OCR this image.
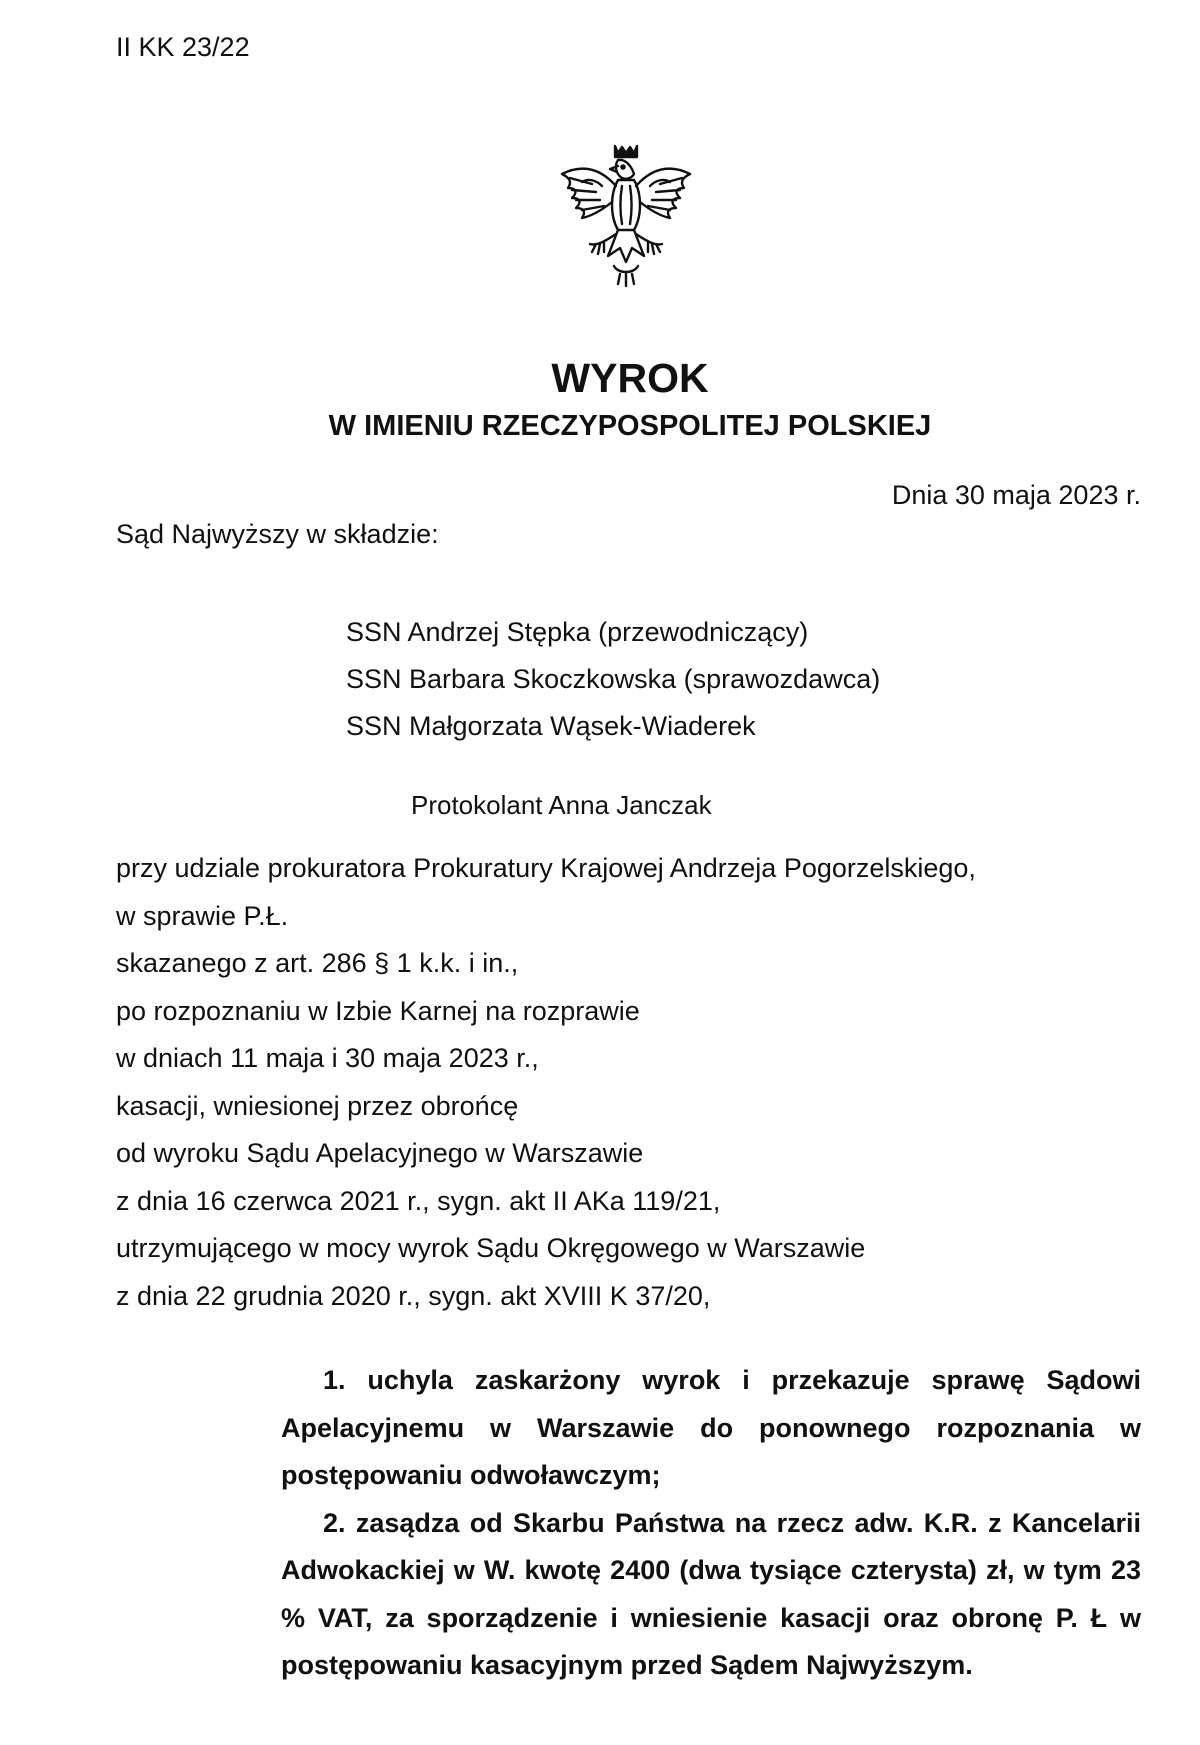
II KK 23/22
WYROK
W IMIENIU RZECZYPOSPOLITEJ POLSKIEJ
Dnia 30 maja 2023 r.
Sąd Najwyższy w składzie:
SSN Andrzej Stępka (przewodniczący)
SSN Barbara Skoczkowska (sprawozdawca)
SSN Małgorzata Wąsek-Wiaderek
Protokolant Anna Janczak
przy udziale prokuratora Prokuratury Krajowej Andrzeja Pogorzelskiego,
w sprawie P.Ł.
skazanego z art. 286 § 1 k.k. i in.,
po rozpoznaniu w Izbie Karnej na rozprawie
w dniach 11 maja i 30 maja 2023 r.,
kasacji, wniesionej przez obrońcę
od wyroku Sądu Apelacyjnego w Warszawie
z dnia 16 czerwca 2021 r., sygn. akt II AKa 119/21,
utrzymującego w mocy wyrok Sądu Okręgowego w Warszawie
z dnia 22 grudnia 2020 r., sygn. akt XVIII K 37/20,

1. uchyla zaskarżony wyrok i przekazuje sprawę Sądowi Apelacyjnemu w Warszawie do ponownego rozpoznania w postępowaniu odwoławczym;

2. zasądza od Skarbu Państwa na rzecz adw. K.R. z Kancelarii Adwokackiej w W. kwotę 2400 (dwa tysiące czterysta) zł, w tym 23 % VAT, za sporządzenie i wniesienie kasacji oraz obronę P. Ł w postępowaniu kasacyjnym przed Sądem Najwyższym.
